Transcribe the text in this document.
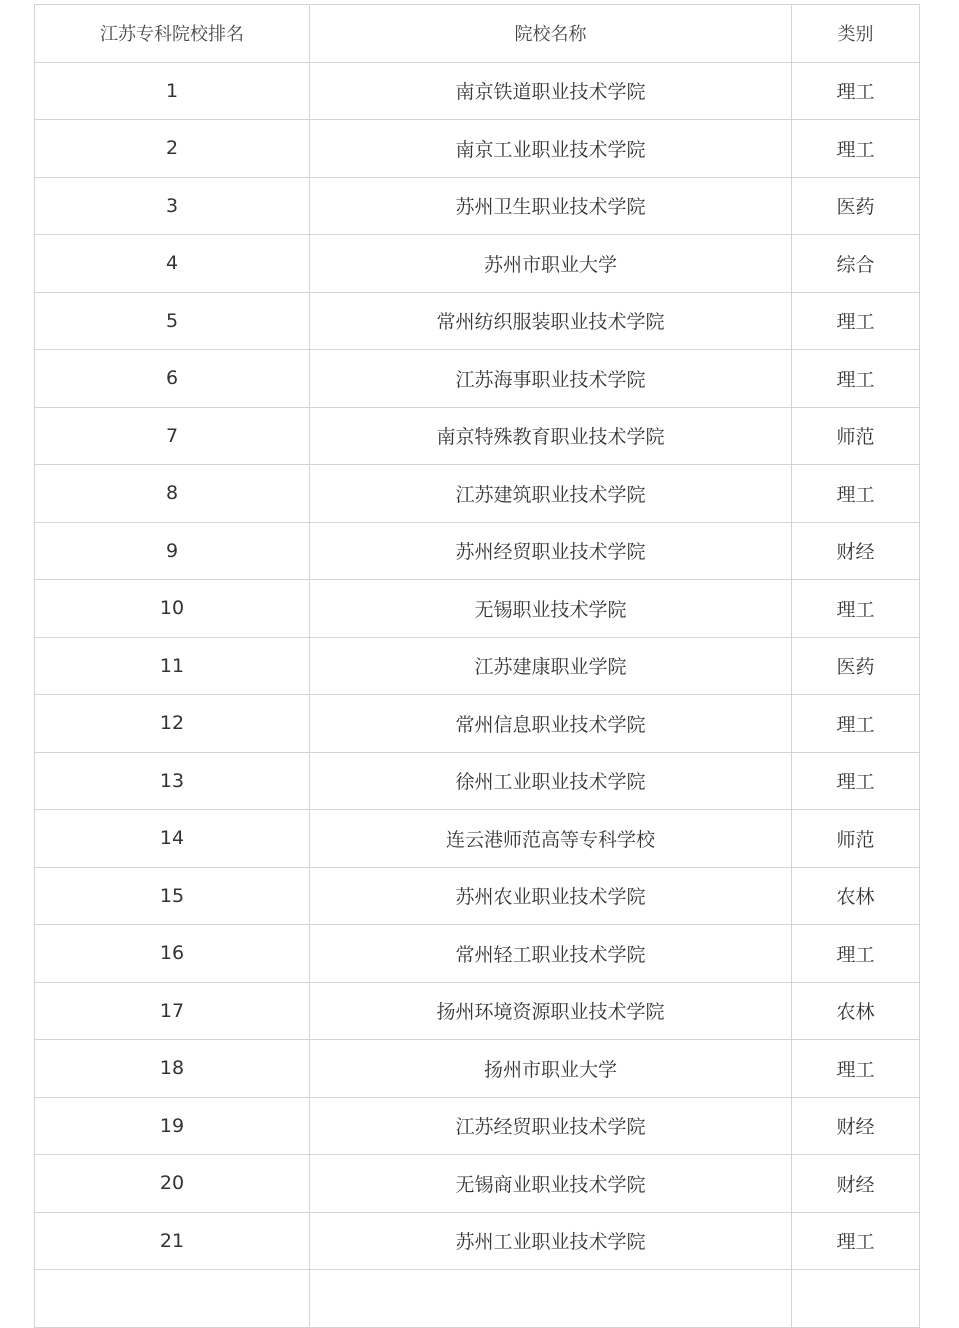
江苏专科院校排名	院校名称	类别
1	南京铁道职业技术学院	理工
2	南京工业职业技术学院	理工
3	苏州卫生职业技术学院	医药
4	苏州市职业大学	综合
5	常州纺织服装职业技术学院	理工
6	江苏海事职业技术学院	理工
7	南京特殊教育职业技术学院	师范
8	江苏建筑职业技术学院	理工
9	苏州经贸职业技术学院	财经
10	无锡职业技术学院	理工
11	江苏建康职业学院	医药
12	常州信息职业技术学院	理工
13	徐州工业职业技术学院	理工
14	连云港师范高等专科学校	师范
15	苏州农业职业技术学院	农林
16	常州轻工职业技术学院	理工
17	扬州环境资源职业技术学院	农林
18	扬州市职业大学	理工
19	江苏经贸职业技术学院	财经
20	无锡商业职业技术学院	财经
21	苏州工业职业技术学院	理工
